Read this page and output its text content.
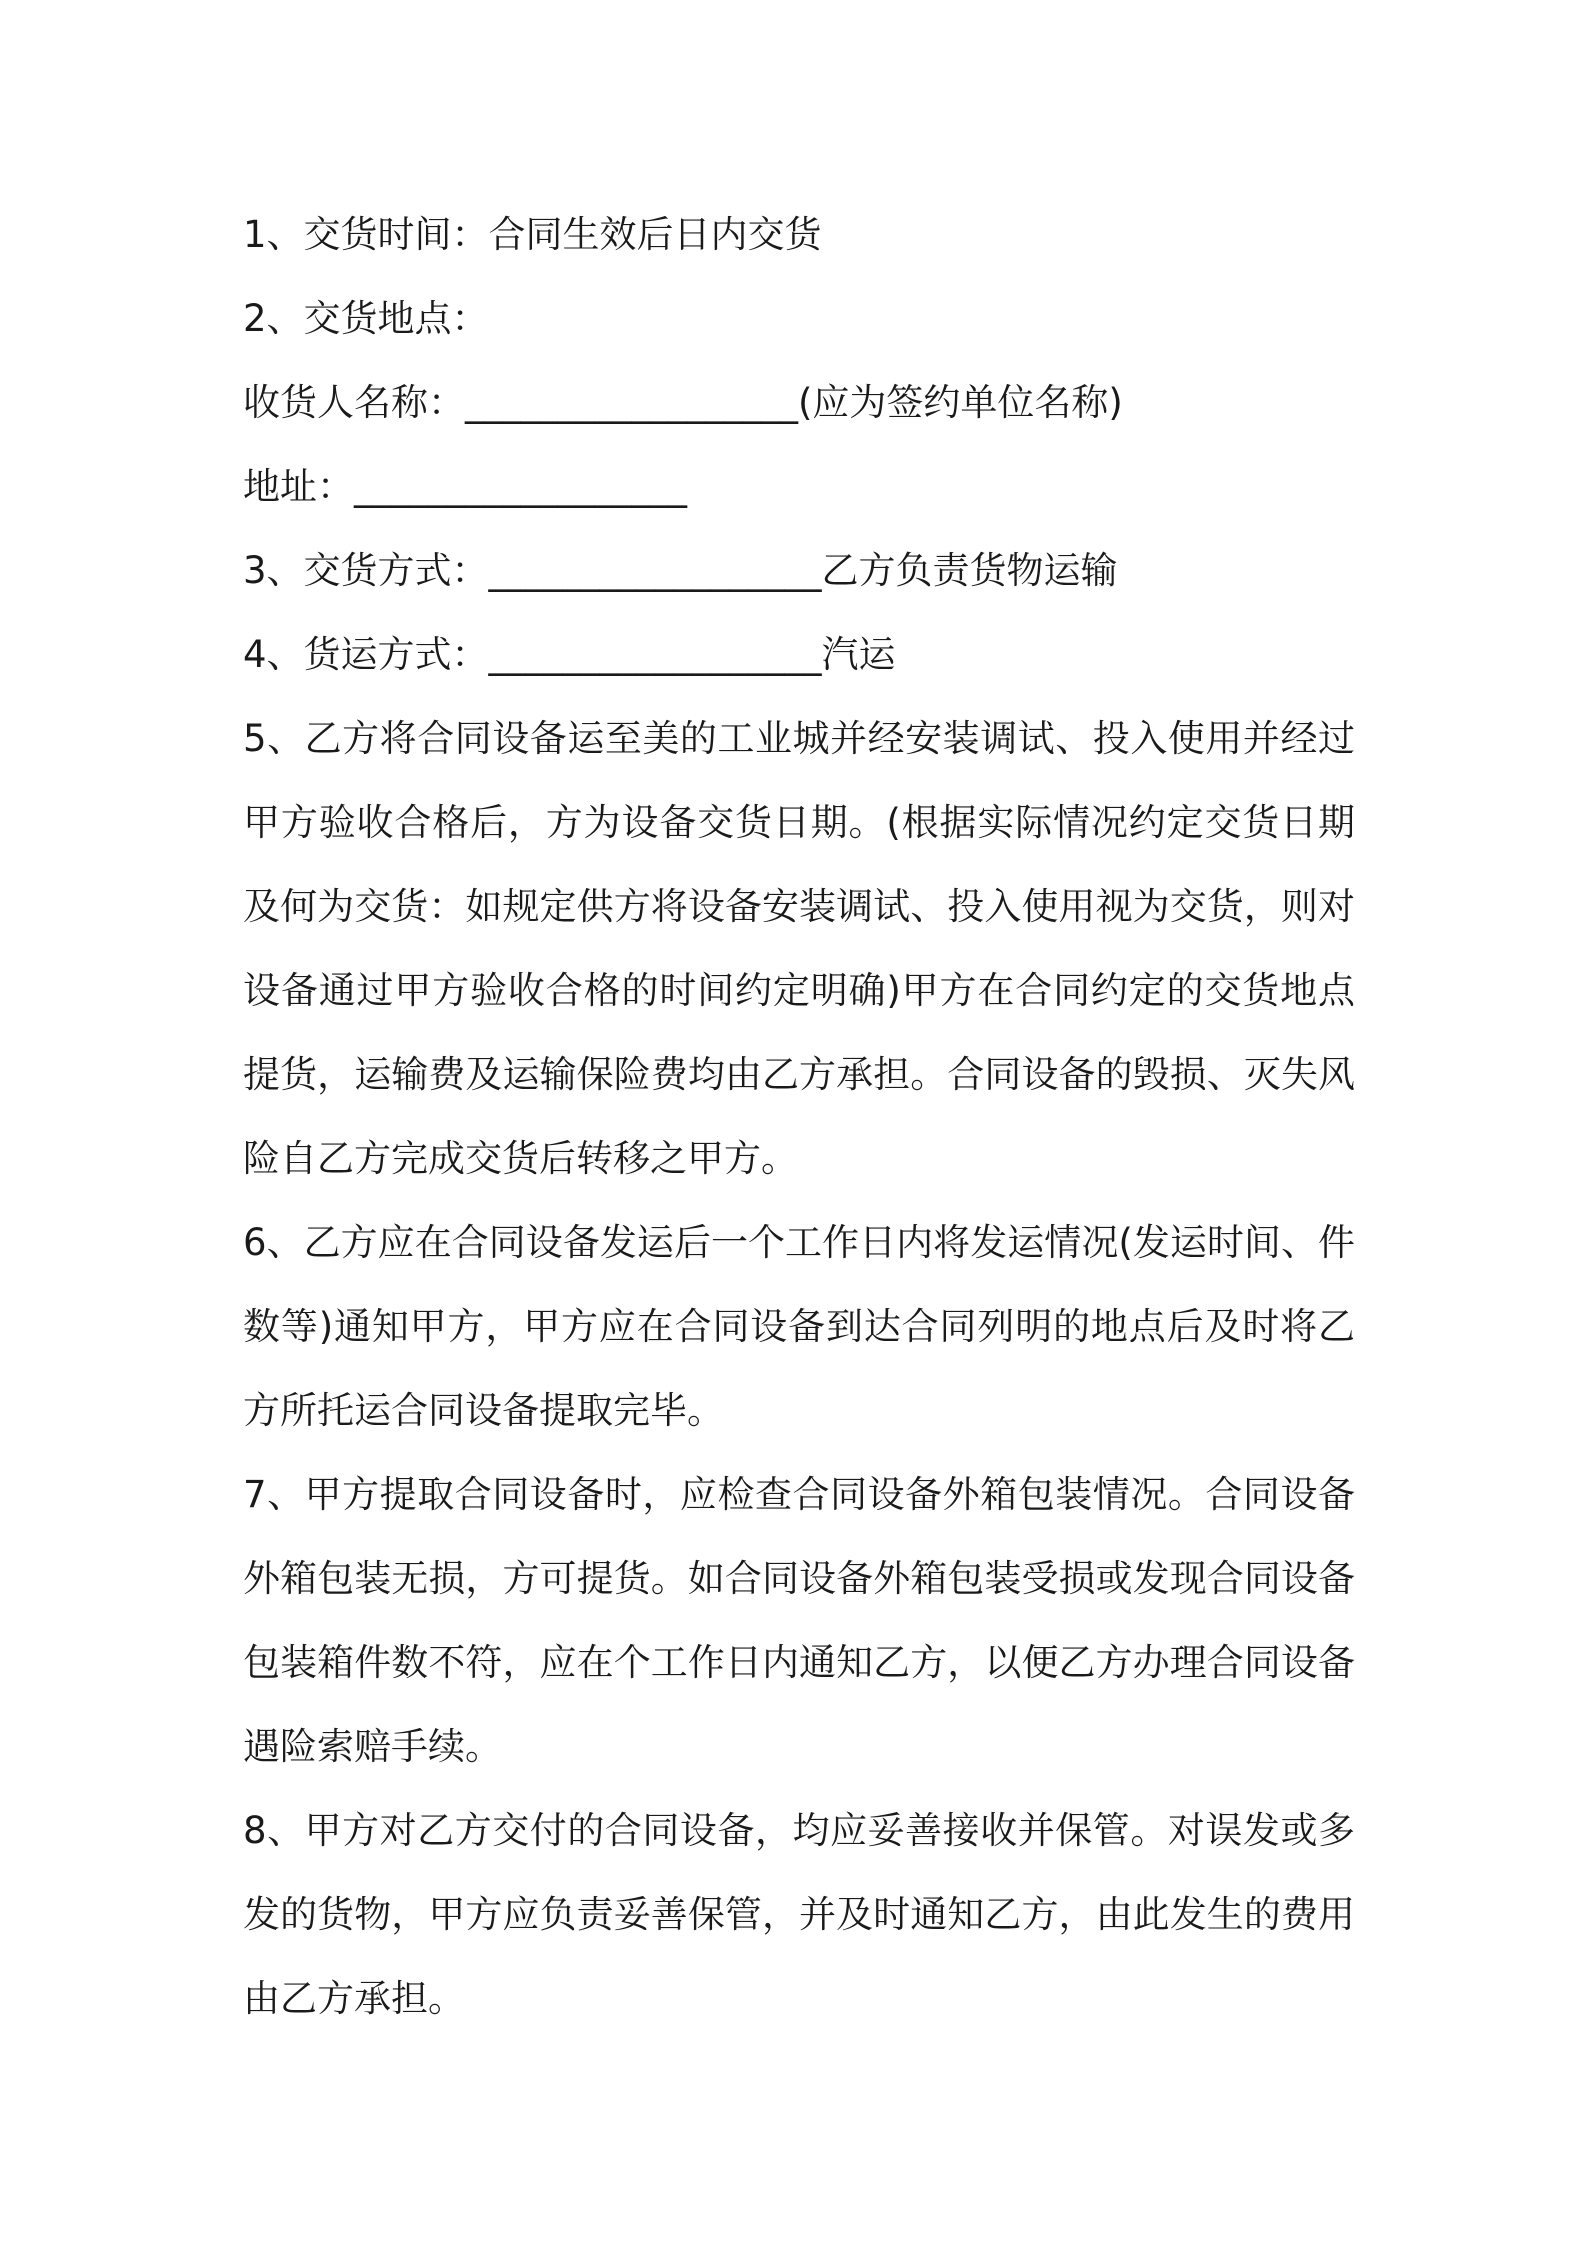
1、交货时间：合同生效后日内交货

2、交货地点：

收货人名称：__________________(应为签约单位名称)

地址：__________________

3、交货方式：__________________乙方负责货物运输

4、货运方式：__________________汽运

5、乙方将合同设备运至美的工业城并经安装调试、投入使用并经过甲方验收合格后，方为设备交货日期。(根据实际情况约定交货日期及何为交货：如规定供方将设备安装调试、投入使用视为交货，则对设备通过甲方验收合格的时间约定明确)甲方在合同约定的交货地点提货，运输费及运输保险费均由乙方承担。合同设备的毁损、灭失风险自乙方完成交货后转移之甲方。

6、乙方应在合同设备发运后一个工作日内将发运情况(发运时间、件数等)通知甲方，甲方应在合同设备到达合同列明的地点后及时将乙方所托运合同设备提取完毕。

7、甲方提取合同设备时，应检查合同设备外箱包装情况。合同设备外箱包装无损，方可提货。如合同设备外箱包装受损或发现合同设备包装箱件数不符，应在个工作日内通知乙方，以便乙方办理合同设备遇险索赔手续。

8、甲方对乙方交付的合同设备，均应妥善接收并保管。对误发或多发的货物，甲方应负责妥善保管，并及时通知乙方，由此发生的费用由乙方承担。
